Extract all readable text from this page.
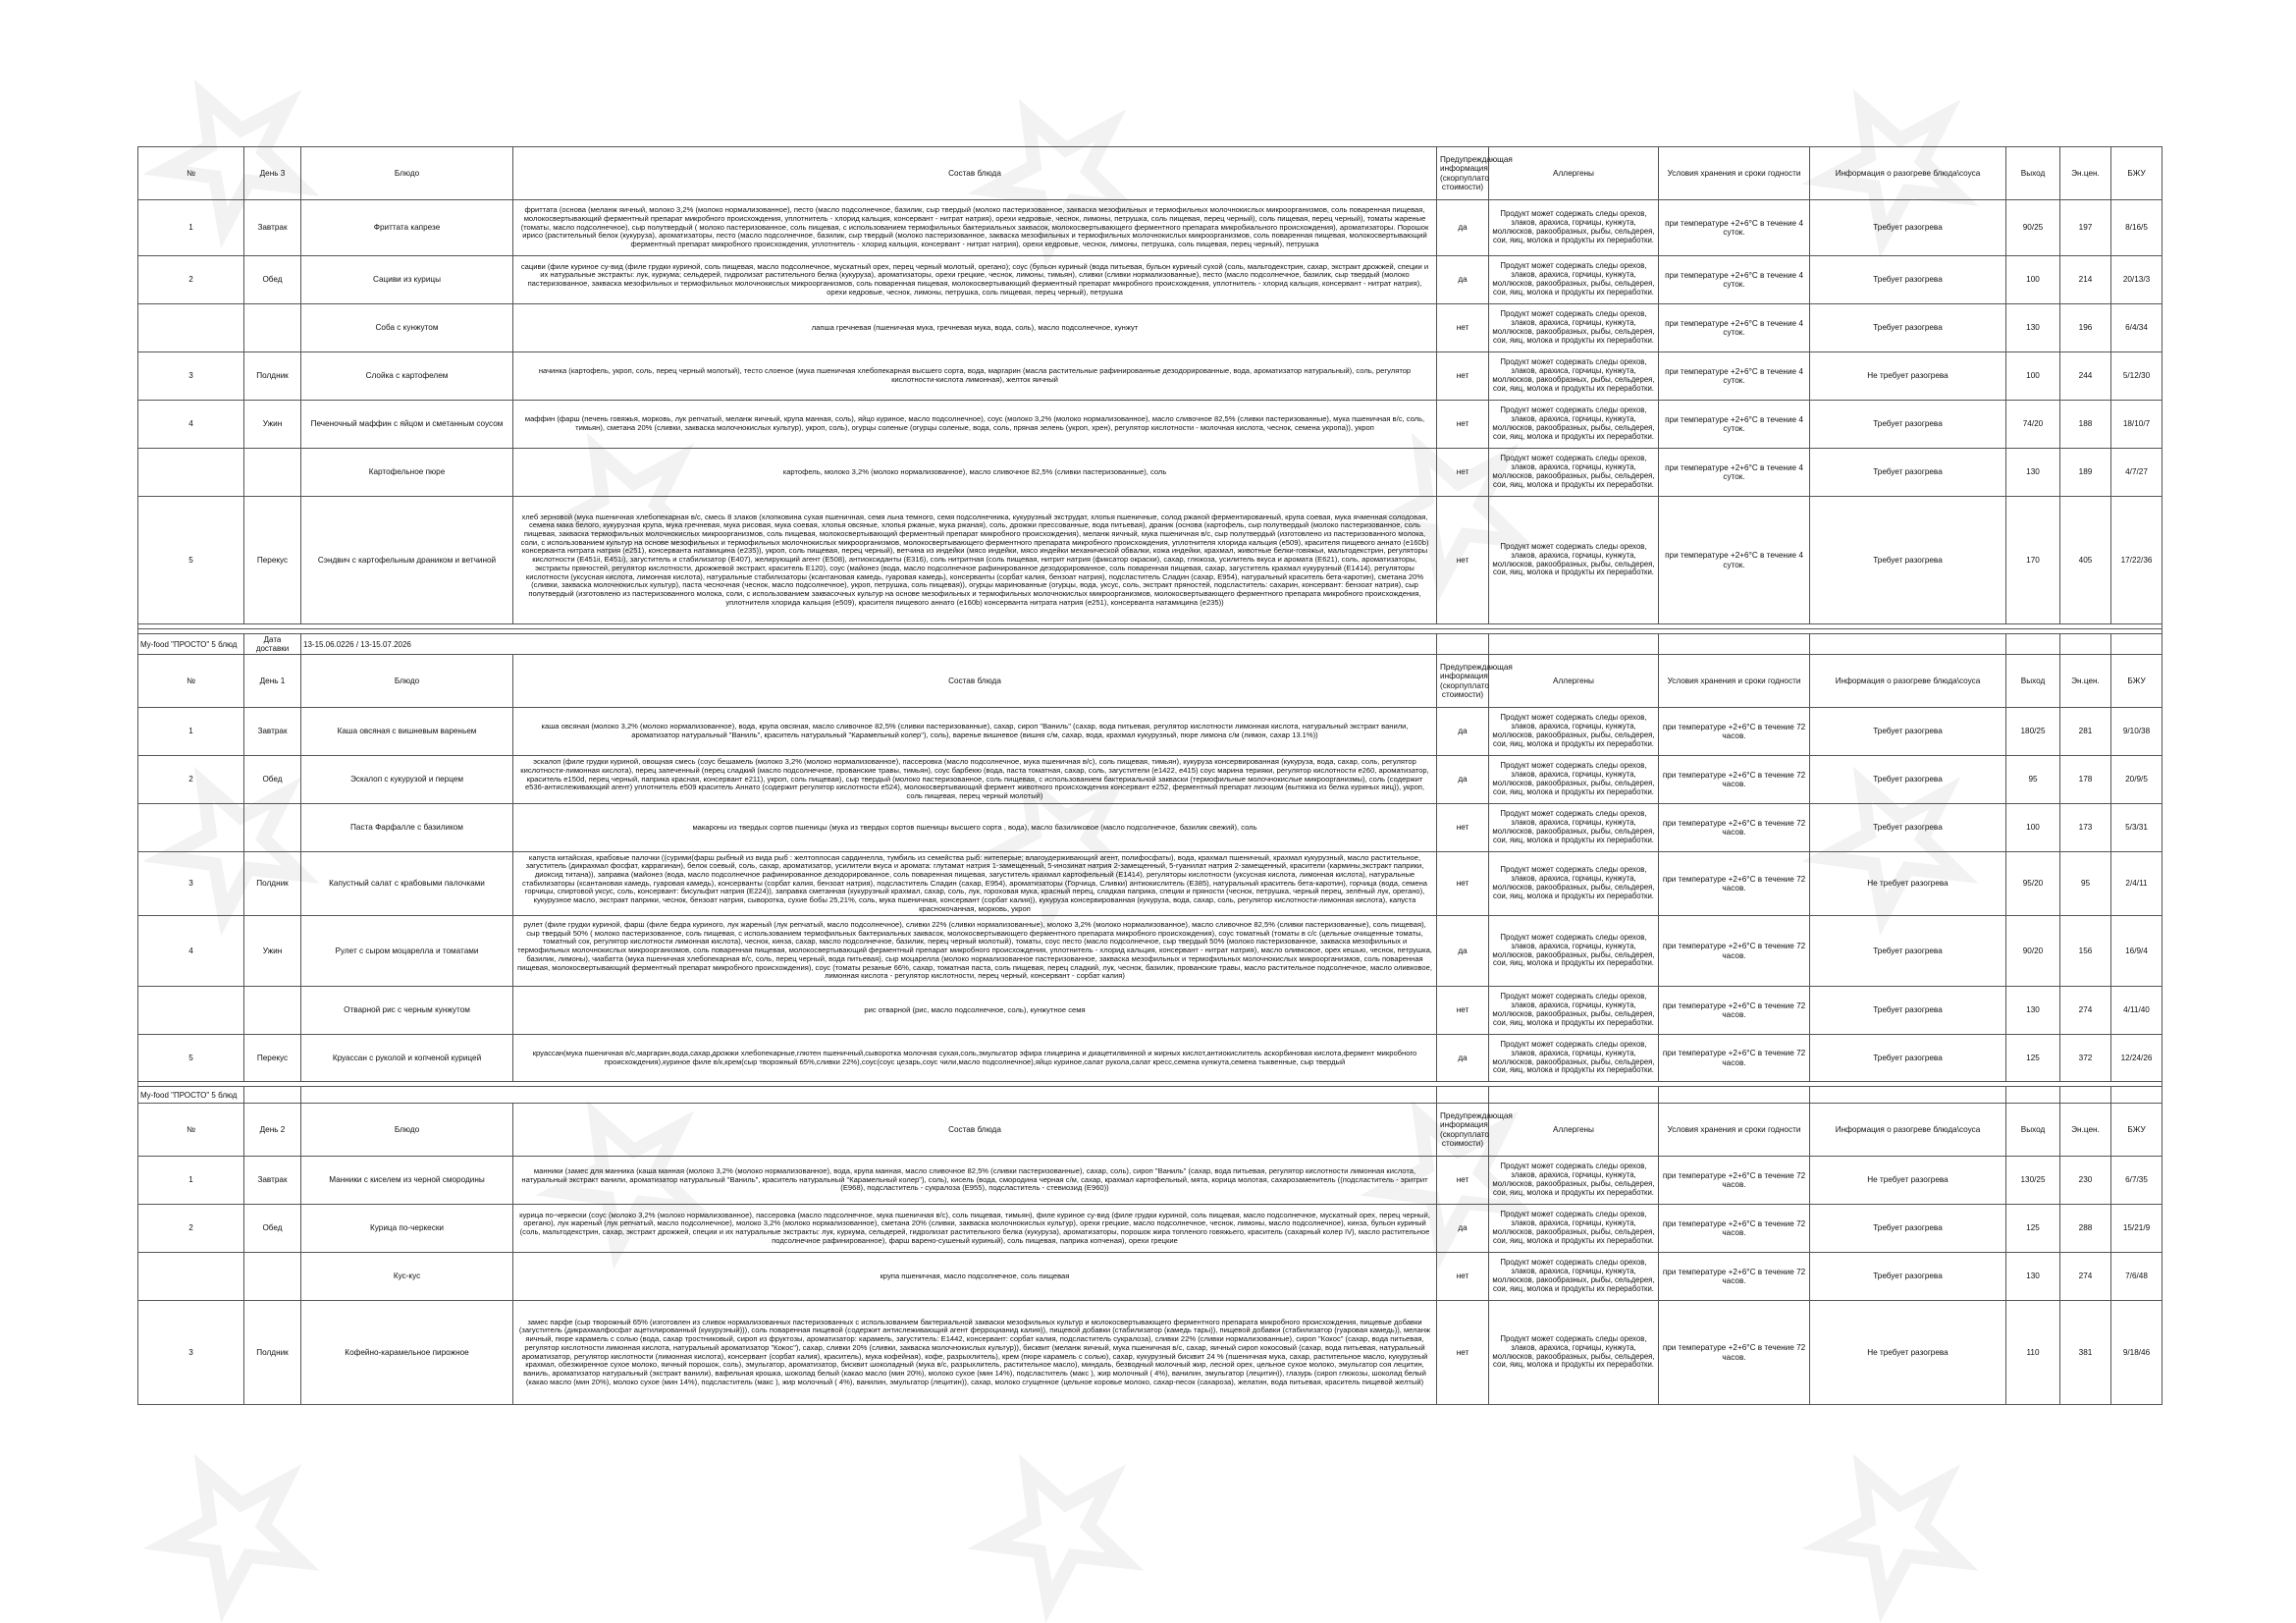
№	День 3	Блюдо	Состав блюда	Предупреждающая информация (скорпуплато стоимости)	Аллергены	Условия хранения и сроки годности	Информация о разогреве блюда\соуса	Выход	Эн.цен.	БЖУ
1	Завтрак	Фриттата капрезе	фриттата (основа (меланж яичный, молоко 3,2% (молоко нормализованное), песто (масло подсолнечное, базилик, сыр твердый (молоко пастеризованное, закваска мезофильных и термофильных молочнокислых микроорганизмов, соль поваренная пищевая, молокосвертывающий ферментный препарат микробного происхождения, уплотнитель - хлорид кальция, консервант - нитрат натрия), орехи кедровые, чеснок, лимоны, петрушка, соль пищевая, перец черный), соль пищевая, перец черный), томаты жареные (томаты, масло подсолнечное), сыр полутвердый ( молоко пастеризованное, соль пищевая, с использованием термофильных бактериальных заквасок, молокосвертывающего ферментного препарата микробиального происхождения), ароматизаторы. Порошок ирисо (растительный белок (кукуруза), ароматизаторы, песто (масло подсолнечное, базилик, сыр твердый (молоко пастеризованное, закваска мезофильных и термофильных молочнокислых микроорганизмов, соль поваренная пищевая, молокосвертывающий ферментный препарат микробного происхождения, уплотнитель - хлорид кальция, консервант - нитрат натрия), орехи кедровые, чеснок, лимоны, петрушка, соль пищевая, перец черный), петрушка	да	Продукт может содержать следы орехов, злаков, арахиса, горчицы, кунжута, моллюсков, ракообразных, рыбы, сельдерея, сои, яиц, молока и продукты их переработки.	при температуре +2+6°С в течение 4 суток.	Требует разогрева	90/25	197	8/16/5
2	Обед	Сациви из курицы	сациви (филе куриное су-вид (филе грудки куриной, соль пищевая, масло подсолнечное, мускатный орех, перец черный молотый, орегано); соус (бульон куриный (вода питьевая, бульон куриный сухой (соль, мальтодекстрин, сахар, экстракт дрожжей, специи и их натуральные экстракты: лук, куркума; сельдерей, гидролизат растительного белка (кукуруза), ароматизаторы, орехи грецкие, чеснок, лимоны, тимьян), сливки (сливки нормализованные), песто (масло подсолнечное, базилик, сыр твердый (молоко пастеризованное, закваска мезофильных и термофильных молочнокислых микроорганизмов, соль поваренная пищевая, молокосвертывающий ферментный препарат микробного происхождения, уплотнитель - хлорид кальция, консервант - нитрат натрия), орехи кедровые, чеснок, лимоны, петрушка, соль пищевая, перец черный), петрушка	да	Продукт может содержать следы орехов, злаков, арахиса, горчицы, кунжута, моллюсков, ракообразных, рыбы, сельдерея, сои, яиц, молока и продукты их переработки.	при температуре +2+6°С в течение 4 суток.	Требует разогрева	100	214	20/13/3
		Соба с кунжутом	лапша гречневая (пшеничная мука, гречневая мука, вода, соль), масло подсолнечное, кунжут	нет	Продукт может содержать следы орехов, злаков, арахиса, горчицы, кунжута, моллюсков, ракообразных, рыбы, сельдерея, сои, яиц, молока и продукты их переработки.	при температуре +2+6°С в течение 4 суток.	Требует разогрева	130	196	6/4/34
3	Полдник	Слойка с картофелем	начинка (картофель, укроп, соль, перец черный молотый), тесто слоеное (мука пшеничная хлебопекарная высшего сорта, вода, маргарин (масла растительные рафинированные дезодорированные, вода, ароматизатор натуральный), соль, регулятор кислотности-кислота лимонная), желток яичный	нет	Продукт может содержать следы орехов, злаков, арахиса, горчицы, кунжута, моллюсков, ракообразных, рыбы, сельдерея, сои, яиц, молока и продукты их переработки.	при температуре +2+6°С в течение 4 суток.	Не требует разогрева	100	244	5/12/30
4	Ужин	Печеночный маффин с яйцом и сметанным соусом	маффин (фарш (печень говяжья, морковь, лук репчатый, меланж яичный, крупа манная, соль), яйцо куриное, масло подсолнечное), соус (молоко 3,2% (молоко нормализованное), масло сливочное 82,5% (сливки пастеризованные), мука пшеничная в/с, соль, тимьян), сметана 20% (сливки, закваска молочнокислых культур), укроп, соль), огурцы соленые (огурцы соленые, вода, соль, пряная зелень (укроп, хрен), регулятор кислотности - молочная кислота, чеснок, семена укропа)), укроп	нет	Продукт может содержать следы орехов, злаков, арахиса, горчицы, кунжута, моллюсков, ракообразных, рыбы, сельдерея, сои, яиц, молока и продукты их переработки.	при температуре +2+6°С в течение 4 суток.	Требует разогрева	74/20	188	18/10/7
		Картофельное пюре	картофель, молоко 3,2% (молоко нормализованное), масло сливочное 82,5% (сливки пастеризованные), соль	нет	Продукт может содержать следы орехов, злаков, арахиса, горчицы, кунжута, моллюсков, ракообразных, рыбы, сельдерея, сои, яиц, молока и продукты их переработки.	при температуре +2+6°С в течение 4 суток.	Требует разогрева	130	189	4/7/27
5	Перекус	Сэндвич с картофельным драником и ветчиной	хлеб зерновой (мука пшеничная хлебопекарная в/с, смесь 8 злаков (хлопковина сухая пшеничная, семя льна темного, семя подсолнечника, кукурузный экструдат, хлопья пшеничные, солод ржаной ферментированный, крупа соевая, мука ячменная солодовая, семена мака белого, кукурузная крупа, мука гречневая, мука рисовая, мука соевая, хлопья овсяные, хлопья ржаные, мука ржаная), соль, дрожжи прессованные, вода питьевая), драник (основа (картофель, сыр полутвердый (молоко пастеризованное, соль пищевая, закваска термофильных молочнокислых микроорганизмов, соль пищевая, молокосвертывающий ферментный препарат микробного происхождения), меланж яичный, мука пшеничная в/с, сыр полутвердый (изготовлено из пастеризованного молока, соли, с использованием культур на основе мезофильных и термофильных молочнокислых микроорганизмов, молокосвертывающего ферментного препарата микробного происхождения, уплотнителя хлорида кальция (е509), красителя пищевого аннато (е160b) консерванта нитрата натрия (е251), консерванта натамицина (е235)), укроп, соль пищевая, перец черный), ветчина из индейки (мясо индейки, мясо индейки механической обвалки, кожа индейки, крахмал, животные белки-говяжьи, мальтодекстрин, регуляторы кислотности (Е451ii, Е451i), загуститель и стабилизатор (Е407), желирующий агент (Е508), антиоксиданты (Е316), соль нитритная (соль пищевая, нитрит натрия (фиксатор окраски), сахар, глюкоза, усилитель вкуса и аромата (Е621), соль, ароматизаторы, экстракты пряностей, регулятор кислотности, дрожжевой экстракт, краситель Е120), соус (майонез (вода, масло подсолнечное рафинированное дезодорированное, соль поваренная пищевая, сахар, загуститель крахмал кукурузный (Е1414), регуляторы кислотности (уксусная кислота, лимонная кислота), натуральные стабилизаторы (ксантановая камедь, гуаровая камедь), консерванты (сорбат калия, бензоат натрия), подсластитель Сладин (сахар, Е954), натуральный краситель бета-каротин), сметана 20% (сливки, закваска молочнокислых культур), паста чесночная (чеснок, масло подсолнечное), укроп, петрушка, соль пищевая)), огурцы маринованные (огурцы, вода, уксус, соль, экстракт пряностей, подсластитель: сахарин, консервант: бензоат натрия), сыр полутвердый (изготовлено из пастеризованного молока, соли, с использованием заквасочных культур на основе мезофильных и термофильных молочнокислых микроорганизмов, молокосвертывающего ферментного препарата микробного происхождения, уплотнителя хлорида кальция (е509), красителя пищевого аннато (е160b) консерванта нитрата натрия (е251), консерванта натамицина (е235))	нет	Продукт может содержать следы орехов, злаков, арахиса, горчицы, кунжута, моллюсков, ракообразных, рыбы, сельдерея, сои, яиц, молока и продукты их переработки.	при температуре +2+6°С в течение 4 суток.	Требует разогрева	170	405	17/22/36

My-food "ПРОСТО" 5 блюд	Дата доставки	13-15.06.0226 / 13-15.07.2026								
№	День 1	Блюдо	Состав блюда	Предупреждающая информация (скорпуплато стоимости)	Аллергены	Условия хранения и сроки годности	Информация о разогреве блюда\соуса	Выход	Эн.цен.	БЖУ
1	Завтрак	Каша овсяная с вишневым вареньем	каша овсяная (молоко 3,2% (молоко нормализованное), вода, крупа овсяная, масло сливочное 82,5% (сливки пастеризованные), сахар, сироп "Ваниль" (сахар, вода питьевая, регулятор кислотности лимонная кислота, натуральный экстракт ванили, ароматизатор натуральный "Ваниль", краситель натуральный "Карамельный колер"), соль), варенье вишневое (вишня с/м, сахар, вода, крахмал кукурузный, пюре лимона с/м (лимон, сахар 13.1%))	да	Продукт может содержать следы орехов, злаков, арахиса, горчицы, кунжута, моллюсков, ракообразных, рыбы, сельдерея, сои, яиц, молока и продукты их переработки.	при температуре +2+6°С в течение 72 часов.	Требует разогрева	180/25	281	9/10/38
2	Обед	Эскалоп с кукурузой и перцем	эскалоп (филе грудки куриной, овощная смесь (соус бешамель (молоко 3,2% (молоко нормализованное), пассеровка (масло подсолнечное, мука пшеничная в/с), соль пищевая, тимьян), кукуруза консервированная (кукуруза, вода, сахар, соль, регулятор кислотности-лимонная кислота), перец запеченный (перец сладкий (масло подсолнечное, прованские травы, тимьян), соус барбекю (вода, паста томатная, сахар, соль, загустители (е1422, е415) соус марина терияки, регулятор кислотности е260, ароматизатор, краситель е150d, перец черный, паприка красная, консервант е211), укроп, соль пищевая), сыр твердый (молоко пастеризованное, соль пищевая, с использованием бактериальной закваски (термофильные молочнокислые микроорганизмы), соль (содержит е536-антислеживающий агент) уплотнитель е509 краситель Аннато (содержит регулятор кислотности е524), молокосвертывающий фермент животного происхождения консервант е252, ферментный препарат лизоцим (вытяжка из белка куриных яиц)), укроп, соль пищевая, перец черный молотый)	да	Продукт может содержать следы орехов, злаков, арахиса, горчицы, кунжута, моллюсков, ракообразных, рыбы, сельдерея, сои, яиц, молока и продукты их переработки.	при температуре +2+6°С в течение 72 часов.	Требует разогрева	95	178	20/9/5
		Паста Фарфалле с базиликом	макароны из твердых сортов пшеницы (мука из твердых сортов пшеницы высшего сорта , вода), масло базиликовое (масло подсолнечное, базилик свежий), соль	нет	Продукт может содержать следы орехов, злаков, арахиса, горчицы, кунжута, моллюсков, ракообразных, рыбы, сельдерея, сои, яиц, молока и продукты их переработки.	при температуре +2+6°С в течение 72 часов.	Требует разогрева	100	173	5/3/31
3	Полдник	Капустный салат с крабовыми палочками	капуста китайская, крабовые палочки ((сурими(фарш рыбный из вида рыб : желтоплосая сардинелла, тумбиль из семейства рыб: нитеперые; влагоудерживающий агент, полифосфаты), вода, крахмал пшеничный, крахмал кукурузный, масло растительное, загуститель (дикрахмал фосфат, каррагинан), белок соевый, соль, сахар, ароматизатор, усилители вкуса и аромата: глутамат натрия 1-замещенный, 5-инозинат натрия 2-замещенный, 5-гуанилат натрия 2-замещенный, красители (кармины,экстракт паприки, диоксид титана)), заправка (майонез (вода, масло подсолнечное рафинированное дезодорированное, соль поваренная пищевая, загуститель крахмал картофельный (Е1414), регуляторы кислотности (уксусная кислота, лимонная кислота), натуральные стабилизаторы (ксантановая камедь, гуаровая камедь), консерванты (сорбат калия, бензоат натрия), подсластитель Сладин (сахар, Е954), ароматизаторы (Горчица, Сливки) антиокислитель (Е385), натуральный краситель бета-каротин), горчица (вода, семена горчицы, спиртовой уксус, соль, консервант: бисульфит натрия (Е224)), заправка сметанная (кукурузный крахмал, сахар, соль, лук, гороховая мука, красный перец, сладкая паприка, специи и пряности (чеснок, петрушка, черный перец, зелёный лук, орегано), кукурузное масло, экстракт паприки, чеснок, бензоат натрия, сыворотка, сухие бобы 25,21%, соль, мука пшеничная, консервант (сорбат калия)), кукуруза консервированная (кукуруза, вода, сахар, соль, регулятор кислотности-лимонная кислота), капуста краснокочанная, морковь, укроп	нет	Продукт может содержать следы орехов, злаков, арахиса, горчицы, кунжута, моллюсков, ракообразных, рыбы, сельдерея, сои, яиц, молока и продукты их переработки.	при температуре +2+6°С в течение 72 часов.	Не требует разогрева	95/20	95	2/4/11
4	Ужин	Рулет с сыром моцарелла и томатами	рулет (филе грудки куриной, фарш (филе бедра куриного, лук жареный (лук репчатый, масло подсолнечное), сливки 22% (сливки нормализованные), молоко 3,2% (молоко нормализованное), масло сливочное 82,5% (сливки пастеризованные), соль пищевая), сыр твердый 50% ( молоко пастеризованное, соль пищевая, с использованием термофильных бактериальных заквасок, молокосвертывающего ферментного препарата микробного происхождения), соус томатный (томаты в с/с (цельные очищенные томаты, томатный сок, регулятор кислотности лимонная кислота), чеснок, кинза, сахар, масло подсолнечное, базилик, перец черный молотый), томаты, соус песто (масло подсолнечное, сыр твердый 50% (молоко пастеризованное, закваска мезофильных и термофильных молочнокислых микроорганизмов, соль поваренная пищевая, молокосвертывающий ферментный препарат микробного происхождения, уплотнитель - хлорид кальция, консервант - нитрат натрия), масло оливковое, орех кешью, чеснок, петрушка, базилик, лимоны), чиабатта (мука пшеничная хлебопекарная в/с, соль, перец черный, вода питьевая), сыр моцарелла (молоко нормализованное пастеризованное, закваска мезофильных и термофильных молочнокислых микроорганизмов, соль поваренная пищевая, молокосвертывающий ферментный препарат микробного происхождения), соус (томаты резаные 66%, сахар, томатная паста, соль пищевая, перец сладкий, лук, чеснок, базилик, прованские травы, масло растительное подсолнечное, масло оливковое, лимонная кислота - регулятор кислотности, перец черный, консервант - сорбат калия)	да	Продукт может содержать следы орехов, злаков, арахиса, горчицы, кунжута, моллюсков, ракообразных, рыбы, сельдерея, сои, яиц, молока и продукты их переработки.	при температуре +2+6°С в течение 72 часов.	Требует разогрева	90/20	156	16/9/4
		Отварной рис с черным кунжутом	рис отварной (рис, масло подсолнечное, соль), кунжутное семя	нет	Продукт может содержать следы орехов, злаков, арахиса, горчицы, кунжута, моллюсков, ракообразных, рыбы, сельдерея, сои, яиц, молока и продукты их переработки.	при температуре +2+6°С в течение 72 часов.	Требует разогрева	130	274	4/11/40
5	Перекус	Круассан с руколой и копченой курицей	круассан(мука пшеничная в/с,маргарин,вода,сахар,дрожжи хлебопекарные,глютен пшеничный,сыворотка молочная сухая,соль,эмульгатор эфира глицерина и диацетилвинной и жирных кислот,антиокислитель аскорбиновая кислота,фермент микробного происхождения),куриное филе в/к,крем(сыр творожный 65%,сливки 22%),соус(соус цезарь,соус чили,масло подсолнечное),яйцо куриное,салат рукола,салат кресс,семена кунжута,семена тыквенные, сыр твердый	да	Продукт может содержать следы орехов, злаков, арахиса, горчицы, кунжута, моллюсков, ракообразных, рыбы, сельдерея, сои, яиц, молока и продукты их переработки.	при температуре +2+6°С в течение 72 часов.	Требует разогрева	125	372	12/24/26

My-food "ПРОСТО" 5 блюд										
№	День 2	Блюдо	Состав блюда	Предупреждающая информация (скорпуплато стоимости)	Аллергены	Условия хранения и сроки годности	Информация о разогреве блюда\соуса	Выход	Эн.цен.	БЖУ
1	Завтрак	Манники с киселем из черной смородины	манники (замес для манника (каша манная (молоко 3,2% (молоко нормализованное), вода, крупа манная, масло сливочное 82,5% (сливки пастеризованные), сахар, соль), сироп "Ваниль" (сахар, вода питьевая, регулятор кислотности лимонная кислота, натуральный экстракт ванили, ароматизатор натуральный "Ваниль", краситель натуральный "Карамельный колер"), соль), кисель (вода, смородина черная с/м, сахар, крахмал картофельный, мята, корица молотая, сахарозаменитель ((подсластитель - эритрит (Е968), подсластитель - сукралоза (Е955), подсластитель - стевиозид (Е960))	нет	Продукт может содержать следы орехов, злаков, арахиса, горчицы, кунжута, моллюсков, ракообразных, рыбы, сельдерея, сои, яиц, молока и продукты их переработки.	при температуре +2+6°С в течение 72 часов.	Не требует разогрева	130/25	230	6/7/35
2	Обед	Курица по-черкески	курица по-черкески (соус (молоко 3,2% (молоко нормализованное), пассеровка (масло подсолнечное, мука пшеничная в/с), соль пищевая, тимьян), филе куриное су-вид (филе грудки куриной, соль пищевая, масло подсолнечное, мускатный орех, перец черный, орегано), лук жареный (лук репчатый, масло подсолнечное), молоко 3,2% (молоко нормализованное), сметана 20% (сливки, закваска молочнокислых культур), орехи грецкие, масло подсолнечное, чеснок, лимоны, масло подсолнечное), кинза, бульон куриный (соль, мальтодекстрин, сахар, экстракт дрожжей, специи и их натуральные экстракты: лук, куркума, сельдерей, гидролизат растительного белка (кукуруза), ароматизаторы, порошок жира топленого говяжьего, краситель (сахарный колер IV), масло растительное подсолнечное рафинированное), фарш варено-сушеный куриный), соль пищевая, паприка копченая), орехи грецкие	да	Продукт может содержать следы орехов, злаков, арахиса, горчицы, кунжута, моллюсков, ракообразных, рыбы, сельдерея, сои, яиц, молока и продукты их переработки.	при температуре +2+6°С в течение 72 часов.	Требует разогрева	125	288	15/21/9
		Кус-кус	крупа пшеничная, масло подсолнечное, соль пищевая	нет	Продукт может содержать следы орехов, злаков, арахиса, горчицы, кунжута, моллюсков, ракообразных, рыбы, сельдерея, сои, яиц, молока и продукты их переработки.	при температуре +2+6°С в течение 72 часов.	Требует разогрева	130	274	7/6/48
3	Полдник	Кофейно-карамельное пирожное	замес парфе (сыр творожный 65% (изготовлен из сливок нормализованных пастеризованных с использованием бактериальной закваски мезофильных культур и молокосвертывающего ферментного препарата микробного происхождения, пищевые добавки (загуститель (дикрахмалфосфат ацетилированный (кукурузный))), соль поваренная пищевой (содержит антислеживающий агент ферроцианид калия)), пищевой добавки (стабилизатор (камедь тары)), пищевой добавки (стабилизатор (гуаровая камедь)), меланж яичный, пюре карамель с солью (вода, сахар тростниковый, сироп из фруктозы, ароматизатор: карамель, загуститель: Е1442, консервант: сорбат калия, подсластитель сукралоза), сливки 22% (сливки нормализованные), сироп "Кокос" (сахар, вода питьевая, регулятор кислотности лимонная кислота, натуральный ароматизатор "Кокос"), сахар, сливки 20% (сливки, закваска молочнокислых культур)), бисквит (меланж яичный, мука пшеничная в/с, сахар, яичный сироп кокосовый (сахар, вода питьевая, натуральный ароматизатор, регулятор кислотности (лимонная кислота), консервант (сорбат калия), краситель), мука кофейная), кофе, разрыхлитель), крем (пюре карамель с солью), сахар, кукурузный бисквит 24 % (пшеничная мука, сахар, растительное масло, кукурузный крахмал, обезжиренное сухое молоко, яичный порошок, соль), эмульгатор, ароматизатор, бисквит шоколадный (мука в/с, разрыхлитель, растительное масло), миндаль, безводный молочный жир, лесной орех, цельное сухое молоко, эмульгатор соя лецитин, ваниль, ароматизатор натуральный (экстракт ванили), вафельная крошка, шоколад белый (какао масло (мин 20%), молоко сухое (мин 14%), подсластитель (макс ), жир молочный ( 4%), ванилин, эмульгатор (лецитин)), глазурь (сироп глюкозы, шоколад белый (какао масло (мин 20%), молоко сухое (мин 14%), подсластитель (макс ), жир молочный ( 4%), ванилин, эмульгатор (лецитин)), сахар, молоко сгущенное (цельное коровье молоко, сахар-песок (сахароза), желатин, вода питьевая, краситель пищевой желтый)	нет	Продукт может содержать следы орехов, злаков, арахиса, горчицы, кунжута, моллюсков, ракообразных, рыбы, сельдерея, сои, яиц, молока и продукты их переработки.	при температуре +2+6°С в течение 72 часов.	Не требует разогрева	110	381	9/18/46
